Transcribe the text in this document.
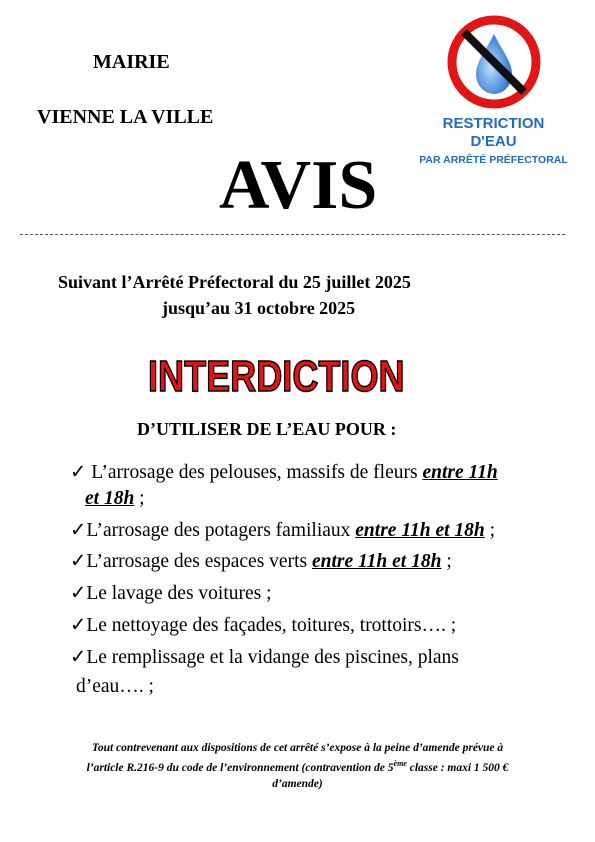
MAIRIE
VIENNE LA VILLE
AVIS
RESTRICTION
D'EAU
PAR ARRÊTÉ PRÉFECTORAL
Suivant l’Arrêté Préfectoral du 25 juillet 2025
jusqu’au 31 octobre 2025
INTERDICTION
D’UTILISER DE L’EAU POUR :
✓ L’arrosage des pelouses, massifs de fleurs entre 11h
et 18h ;
✓L’arrosage des potagers familiaux entre 11h et 18h ;
✓L’arrosage des espaces verts entre 11h et 18h ;
✓Le lavage des voitures ;
✓Le nettoyage des façades, toitures, trottoirs…. ;
✓Le remplissage et la vidange des piscines, plans
d’eau…. ;
Tout contrevenant aux dispositions de cet arrêté s’expose à la peine d’amende prévue à
l’article R.216-9 du code de l’environnement (contravention de 5ème classe : maxi 1 500 €
d’amende)
